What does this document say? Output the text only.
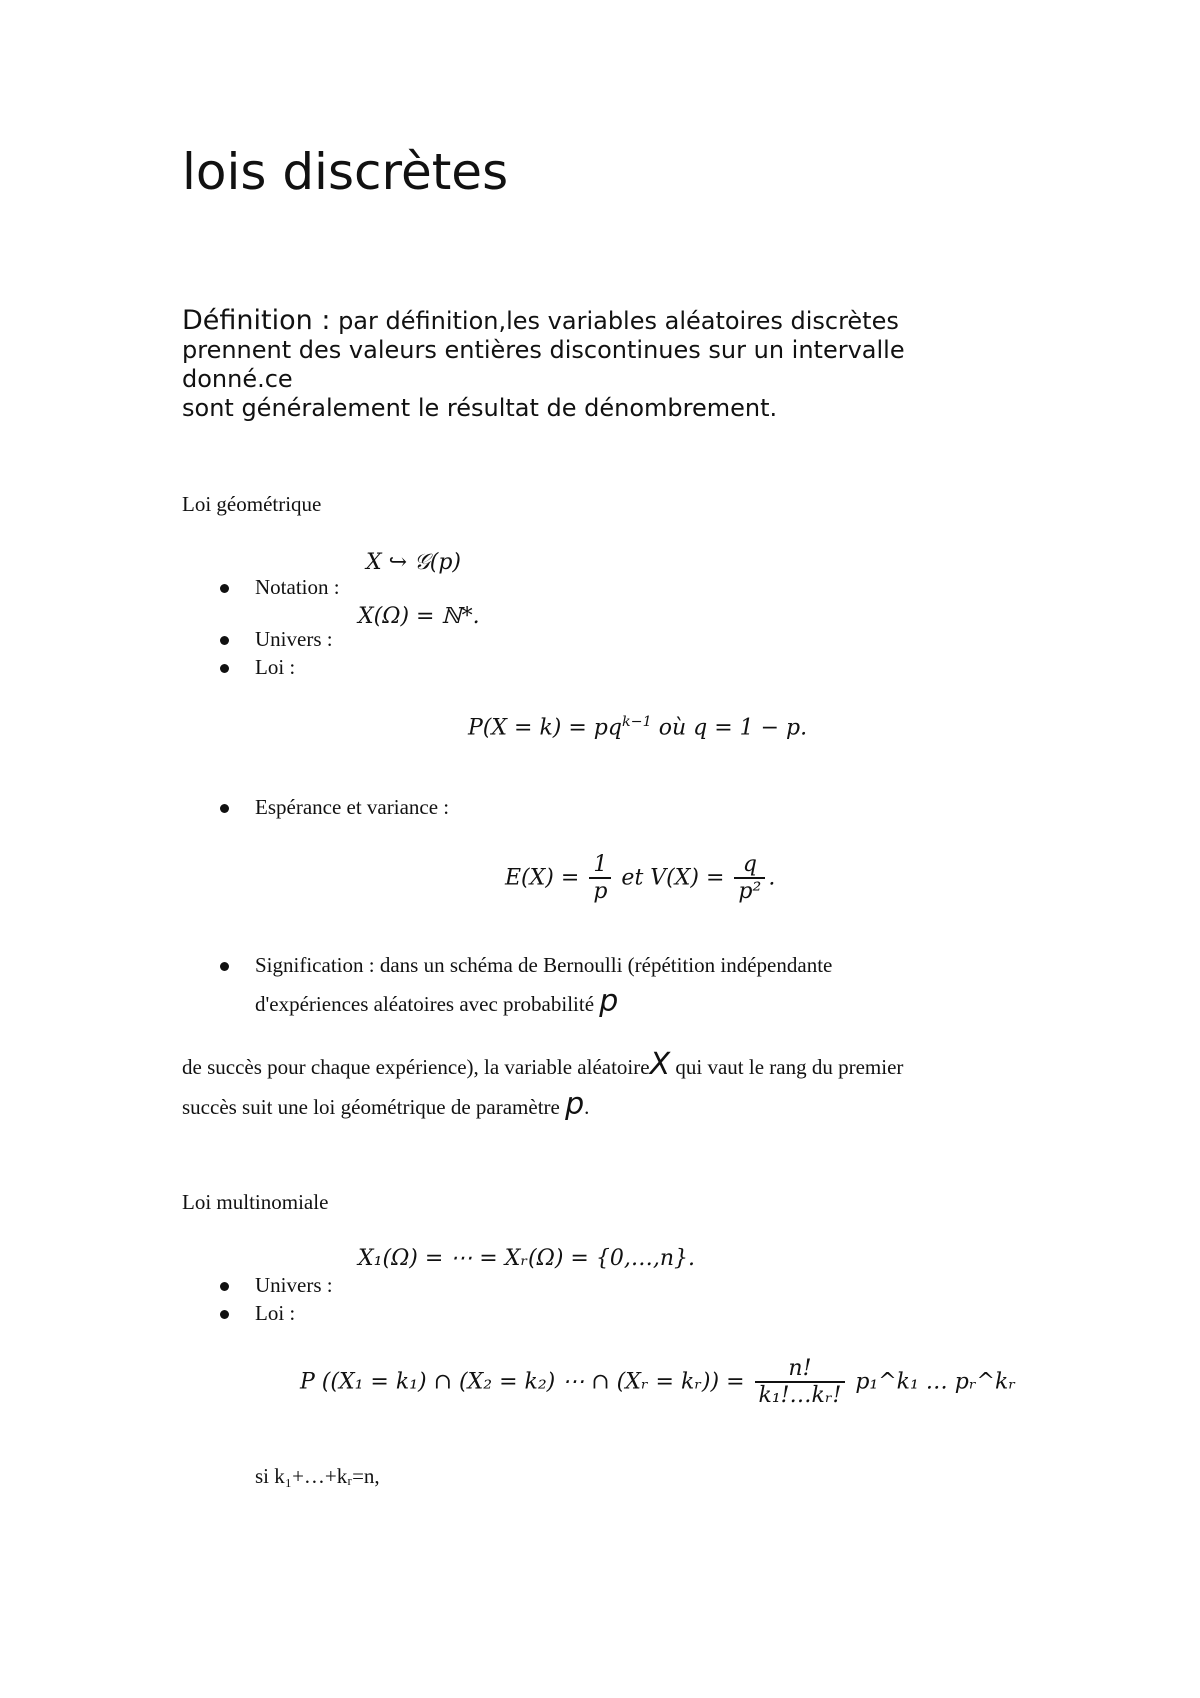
lois discrètes
Définition : par définition,les variables aléatoires discrètes
prennent des valeurs entières discontinues sur un intervalle
donné.ce
sont généralement le résultat de dénombrement.
Loi géométrique
X ↪ 𝒢(p)
Notation :
X(Ω) = ℕ*.
Univers :
Loi :
$P(X = k) = pq^{k-1}$ où q = 1 − p.
Espérance et variance :
$E(X) = \frac{1}{p}$ et $V(X) = \frac{q}{\text{p²}}$ .
Signification : dans un schéma de Bernoulli (répétition indépendante
d'expériences aléatoires avec probabilité p
de succès pour chaque expérience), la variable aléatoireX qui vaut le rang du premier
succès suit une loi géométrique de paramètre p.
Loi multinomiale
X₁(Ω) = ⋯ = Xᵣ(Ω) = {0,…,n}.
Univers :
Loi :
P ((X₁ = k₁) ∩ (X₂ = k₂) ⋯ ∩ (Xᵣ = kᵣ)) = $\frac{n!}{\text{k₁!…kᵣ!}}$ p₁^k₁ … pᵣ^kᵣ
si k₁+…+kᵣ=n,
